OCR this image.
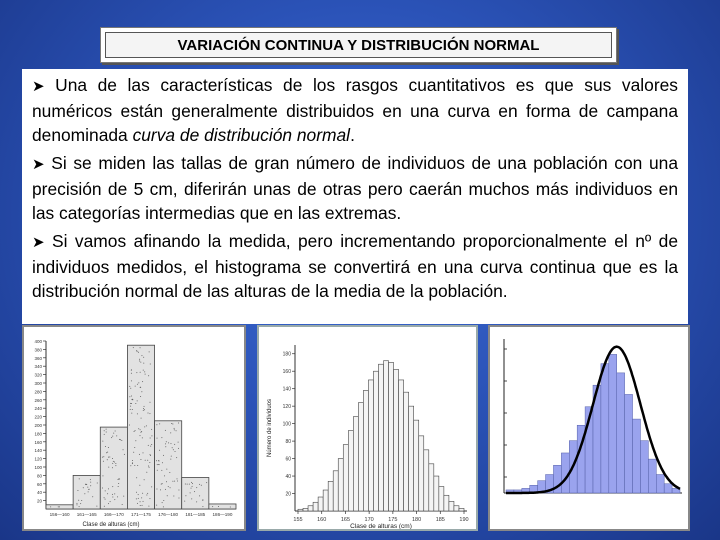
VARIACIÓN CONTINUA Y DISTRIBUCIÓN NORMAL
➤ Una de las características de los rasgos cuantitativos es que sus valores numéricos están generalmente distribuidos en una curva en forma de campana denominada curva de distribución normal.
➤ Si se miden las tallas de gran número de individuos de una población con una precisión de 5 cm, diferirán unas de otras pero caerán muchos más individuos en las categorías intermedias que en las extremas.
➤ Si vamos afinando la medida, pero incrementando proporcionalmente el nº de individuos medidos, el histograma se convertirá en una curva continua que es la distribución normal de las alturas de la media de la población.
20
40
60
80
100
120
140
160
180
200
220
240
260
280
300
320
340
360
380
400
156—160 161—165 166—170 171—175 176—180 181—185 186—190
Clase de alturas (cm)
20
40
60
80
100
120
140
160
180
155	160	165	170	175	180	185	190
Clase de alturas (cm)
Número de individuos
